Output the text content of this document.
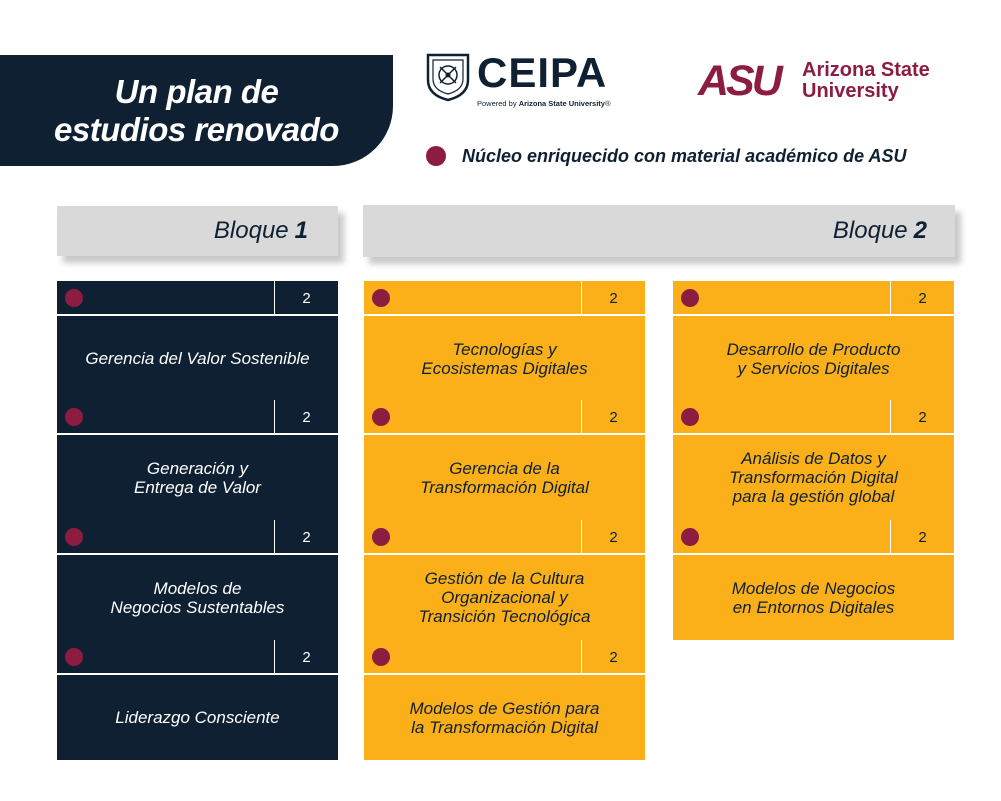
Un plan de
estudios renovado
CEIPA
Powered by Arizona State University® ASU Arizona State
University
Núcleo enriquecido con material académico de ASU
Bloque 1	Bloque 2
2
Gerencia del Valor Sostenible
2
Generación y
Entrega de Valor
2
Modelos de
Negocios Sustentables
2
Liderazgo Consciente
2
Tecnologías y
Ecosistemas Digitales
2
Gerencia de la
Transformación Digital
2
Gestión de la Cultura
Organizacional y
Transición Tecnológica
2
Modelos de Gestión para
la Transformación Digital
2
Desarrollo de Producto
y Servicios Digitales
2
Análisis de Datos y
Transformación Digital
para la gestión global
2
Modelos de Negocios
en Entornos Digitales
